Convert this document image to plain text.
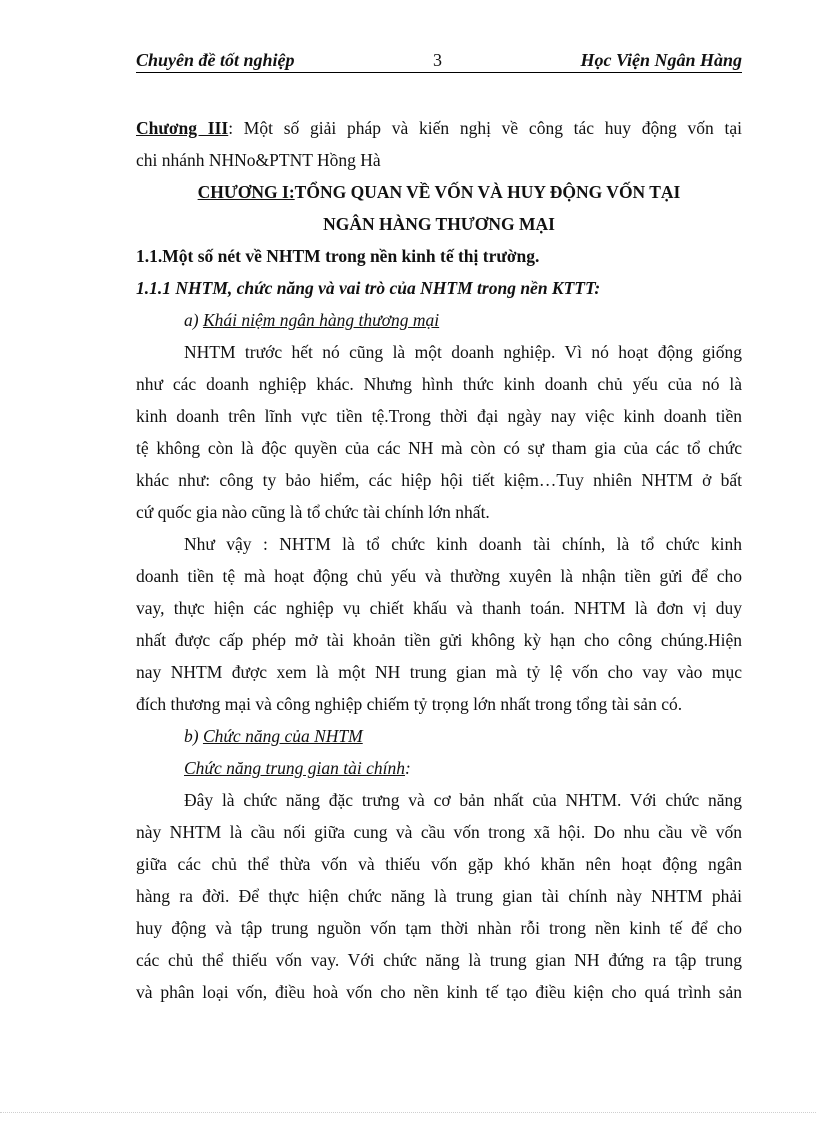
Chuyên đề tốt nghiệp	3	Học Viện Ngân Hàng
Chương III: Một số giải pháp và kiến nghị về công tác huy động vốn tại
chi nhánh NHNo&PTNT Hồng Hà
CHƯƠNG I:TỔNG QUAN VỀ VỐN VÀ HUY ĐỘNG VỐN TẠI
NGÂN HÀNG THƯƠNG MẠI
1.1.Một số nét về NHTM trong nền kinh tế thị trường.
1.1.1 NHTM, chức năng và vai trò của NHTM trong nền KTTT:
a) Khái niệm ngân hàng thương mại
NHTM trước hết nó cũng là một doanh nghiệp. Vì nó hoạt động giống
như các doanh nghiệp khác. Nhưng hình thức kinh doanh chủ yếu của nó là
kinh doanh trên lĩnh vực tiền tệ.Trong thời đại ngày nay việc kinh doanh tiền
tệ không còn là độc quyền của các NH mà còn có sự tham gia của các tổ chức
khác như: công ty bảo hiểm, các hiệp hội tiết kiệm…Tuy nhiên NHTM ở bất
cứ quốc gia nào cũng là tổ chức tài chính lớn nhất.
Như vậy : NHTM là tổ chức kinh doanh tài chính, là tổ chức kinh
doanh tiền tệ mà hoạt động chủ yếu và thường xuyên là nhận tiền gửi để cho
vay, thực hiện các nghiệp vụ chiết khấu và thanh toán. NHTM là đơn vị duy
nhất được cấp phép mở tài khoản tiền gửi không kỳ hạn cho công chúng.Hiện
nay NHTM được xem là một NH trung gian mà tỷ lệ vốn cho vay vào mục
đích thương mại và công nghiệp chiếm tỷ trọng lớn nhất trong tổng tài sản có.
b) Chức năng của NHTM
Chức năng trung gian tài chính:
Đây là chức năng đặc trưng và cơ bản nhất của NHTM. Với chức năng
này NHTM là cầu nối giữa cung và cầu vốn trong xã hội. Do nhu cầu về vốn
giữa các chủ thể thừa vốn và thiếu vốn gặp khó khăn nên hoạt động ngân
hàng ra đời. Để thực hiện chức năng là trung gian tài chính này NHTM phải
huy động và tập trung nguồn vốn tạm thời nhàn rỗi trong nền kinh tế để cho
các chủ thể thiếu vốn vay. Với chức năng là trung gian NH đứng ra tập trung
và phân loại vốn, điều hoà vốn cho nền kinh tế tạo điều kiện cho quá trình sản
